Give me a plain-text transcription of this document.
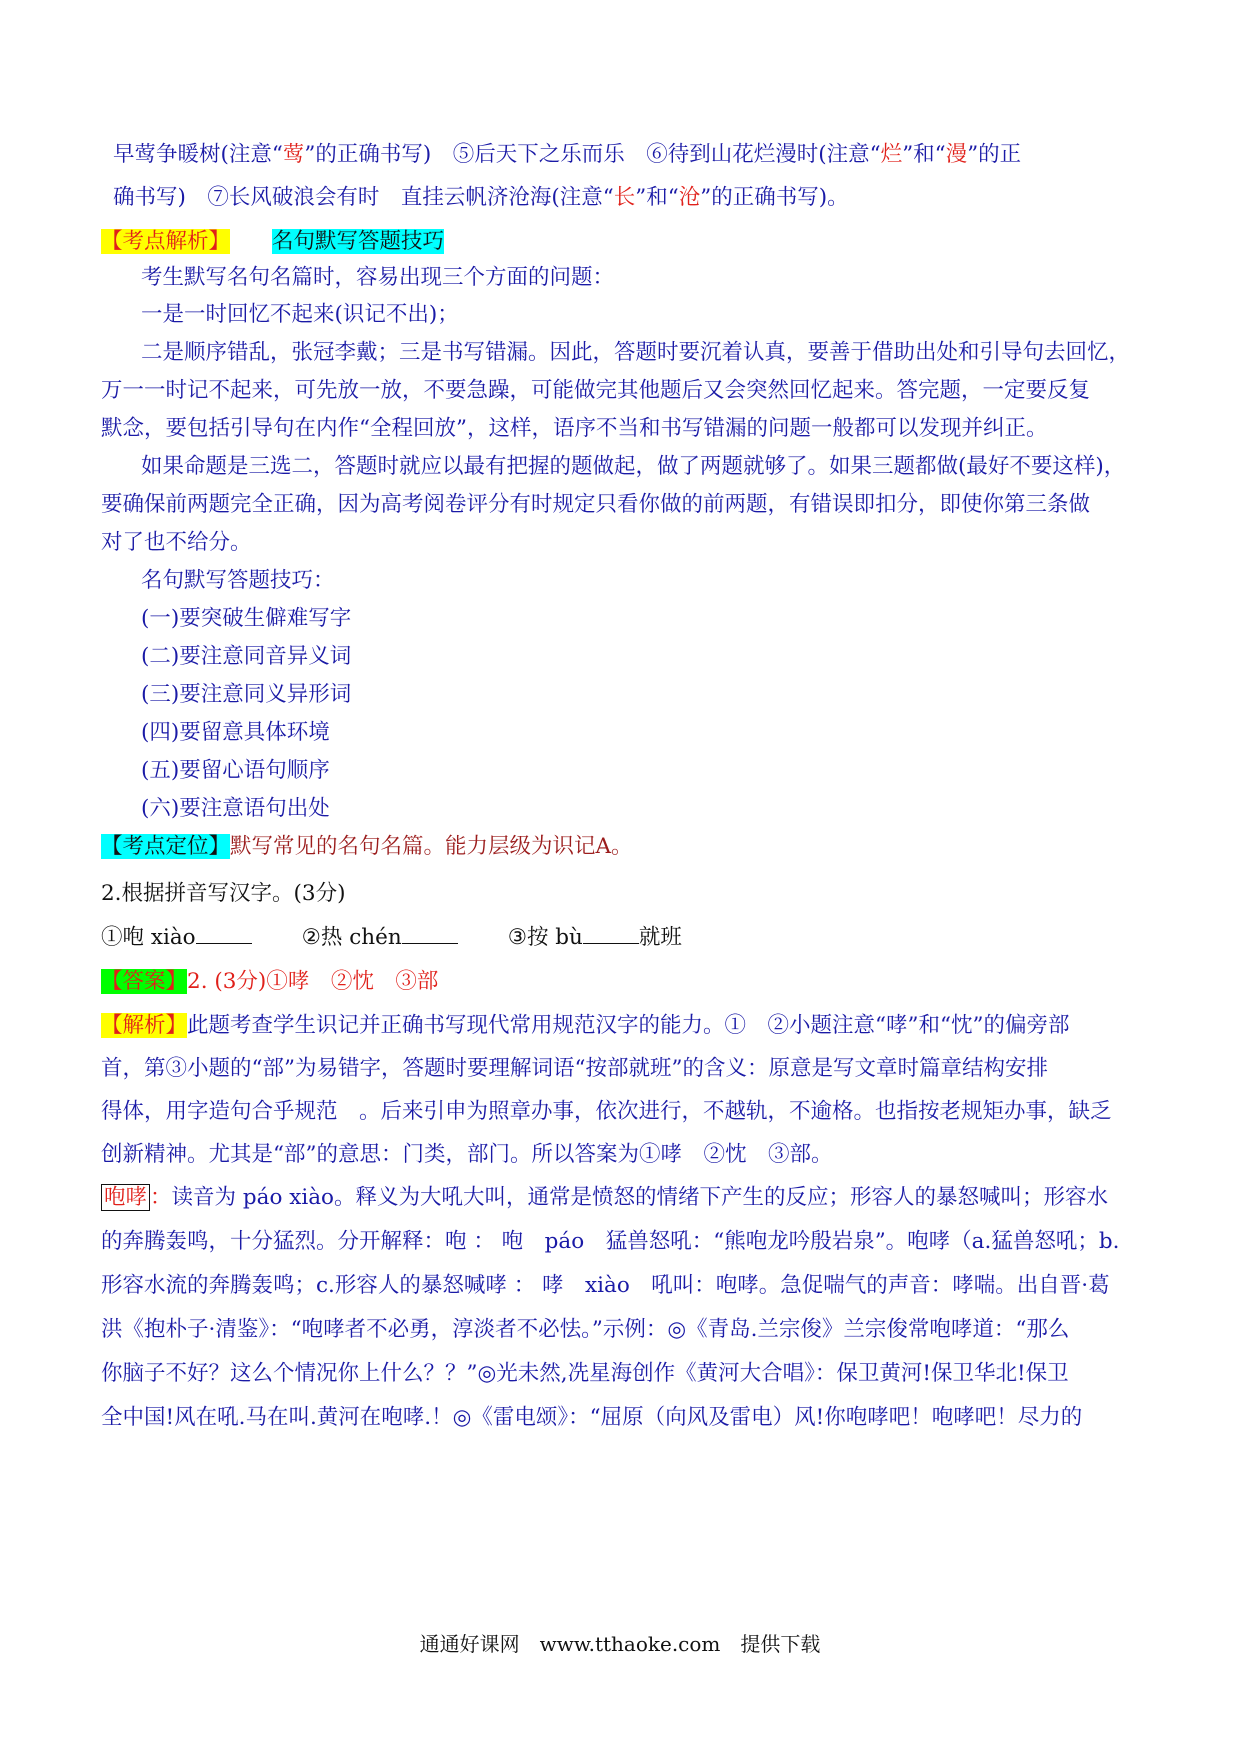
早莺争暖树(注意“莺”的正确书写)　⑤后天下之乐而乐　⑥待到山花烂漫时(注意“烂”和“漫”的正
确书写)　⑦长风破浪会有时　直挂云帆济沧海(注意“长”和“沧”的正确书写)。
【考点解析】 名句默写答题技巧
考生默写名句名篇时，容易出现三个方面的问题：
一是一时回忆不起来(识记不出)；
二是顺序错乱，张冠李戴；三是书写错漏。因此，答题时要沉着认真，要善于借助出处和引导句去回忆，
万一一时记不起来，可先放一放，不要急躁，可能做完其他题后又会突然回忆起来。答完题，一定要反复
默念，要包括引导句在内作“全程回放”，这样，语序不当和书写错漏的问题一般都可以发现并纠正。
如果命题是三选二，答题时就应以最有把握的题做起，做了两题就够了。如果三题都做(最好不要这样)，
要确保前两题完全正确，因为高考阅卷评分有时规定只看你做的前两题，有错误即扣分，即使你第三条做
对了也不给分。
名句默写答题技巧：
(一)要突破生僻难写字
(二)要注意同音异义词
(三)要注意同义异形词
(四)要留意具体环境
(五)要留心语句顺序
(六)要注意语句出处
【考点定位】默写常见的名句名篇。能力层级为识记A。
2.根据拼音写汉字。(3分)
①咆 xiào	②热 chén	③按 bù	就班
【答案】2. (3分)①哮　②忱　③部
【解析】此题考查学生识记并正确书写现代常用规范汉字的能力。①　②小题注意“哮”和“忱”的偏旁部
首，第③小题的“部”为易错字，答题时要理解词语“按部就班”的含义：原意是写文章时篇章结构安排
得体，用字造句合乎规范　。后来引申为照章办事，依次进行，不越轨，不逾格。也指按老规矩办事，缺乏
创新精神。尤其是“部”的意思：门类，部门。所以答案为①哮　②忱　③部。
咆哮 ：读音为 páo xiào。释义为大吼大叫，通常是愤怒的情绪下产生的反应；形容人的暴怒喊叫；形容水
的奔腾轰鸣，十分猛烈。分开解释：咆 ： 咆　páo　猛兽怒吼：“熊咆龙吟殷岩泉”。咆哮（a.猛兽怒吼；b.
形容水流的奔腾轰鸣；c.形容人的暴怒喊哮 ： 哮　xiào　吼叫：咆哮。急促喘气的声音：哮喘。出自晋·葛
洪《抱朴子·清鉴》：“咆哮者不必勇，淳淡者不必怯。”示例：◎《青岛.兰宗俊》兰宗俊常咆哮道：“那么
你脑子不好？这么个情况你上什么？？”◎光未然,冼星海创作《黄河大合唱》：保卫黄河!保卫华北!保卫
全中国!风在吼.马在叫.黄河在咆哮.！◎《雷电颂》：“屈原（向风及雷电）风!你咆哮吧！咆哮吧！尽力的
通通好课网　www.tthaoke.com　提供下载
